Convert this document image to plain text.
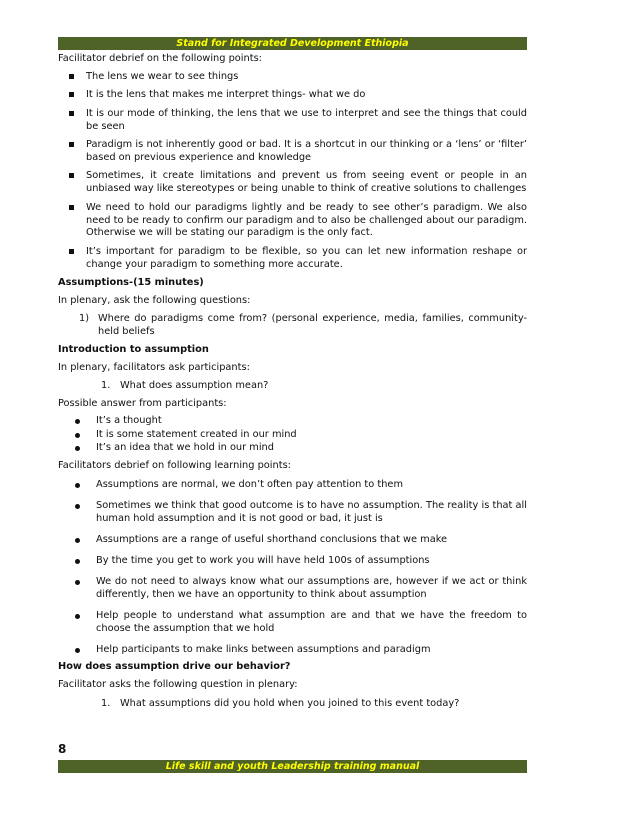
Stand for Integrated Development Ethiopia

Facilitator debrief on the following points:

The lens we wear to see things
It is the lens that makes me interpret things- what we do
It is our mode of thinking, the lens that we use to interpret and see the things that could be seen
Paradigm is not inherently good or bad. It is a shortcut in our thinking or a ‘lens’ or ‘filter’ based on previous experience and knowledge
Sometimes, it create limitations and prevent us from seeing event or people in an unbiased way like stereotypes or being unable to think of creative solutions to challenges
We need to hold our paradigms lightly and be ready to see other’s paradigm. We also need to be ready to confirm our paradigm and to also be challenged about our paradigm. Otherwise we will be stating our paradigm is the only fact.
It’s important for paradigm to be flexible, so you can let new information reshape or change your paradigm to something more accurate.

Assumptions-(15 minutes)

In plenary, ask the following questions:

1) Where do paradigms come from? (personal experience, media, families, community-held beliefs

Introduction to assumption

In plenary, facilitators ask participants:

1. What does assumption mean?

Possible answer from participants:

It’s a thought
It is some statement created in our mind
It’s an idea that we hold in our mind

Facilitators debrief on following learning points:

Assumptions are normal, we don’t often pay attention to them
Sometimes we think that good outcome is to have no assumption. The reality is that all human hold assumption and it is not good or bad, it just is
Assumptions are a range of useful shorthand conclusions that we make
By the time you get to work you will have held 100s of assumptions
We do not need to always know what our assumptions are, however if we act or think differently, then we have an opportunity to think about assumption
Help people to understand what assumption are and that we have the freedom to choose the assumption that we hold
Help participants to make links between assumptions and paradigm

How does assumption drive our behavior?

Facilitator asks the following question in plenary:

1. What assumptions did you hold when you joined to this event today?
8
Life skill and youth Leadership training manual
